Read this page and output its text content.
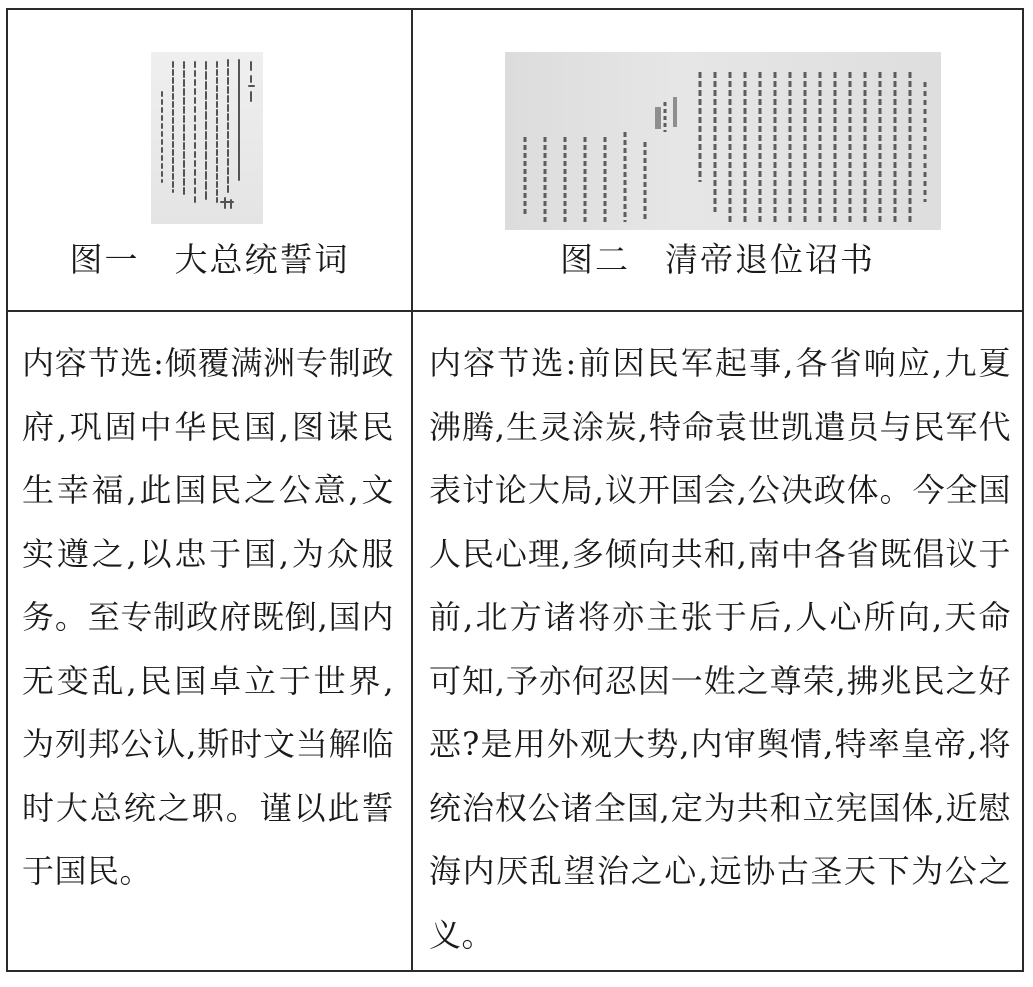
图一　大总统誓词	图二　清帝退位诏书
内容节选:倾覆满洲专制政府,巩固中华民国,图谋民生幸福,此国民之公意,文实遵之,以忠于国,为众服务。至专制政府既倒,国内无变乱,民国卓立于世界,为列邦公认,斯时文当解临时大总统之职。谨以此誓于国民。
内容节选:前因民军起事,各省响应,九夏沸腾,生灵涂炭,特命袁世凯遣员与民军代表讨论大局,议开国会,公决政体。今全国人民心理,多倾向共和,南中各省既倡议于前,北方诸将亦主张于后,人心所向,天命可知,予亦何忍因一姓之尊荣,拂兆民之好恶?是用外观大势,内审舆情,特率皇帝,将统治权公诸全国,定为共和立宪国体,近慰海内厌乱望治之心,远协古圣天下为公之义。
